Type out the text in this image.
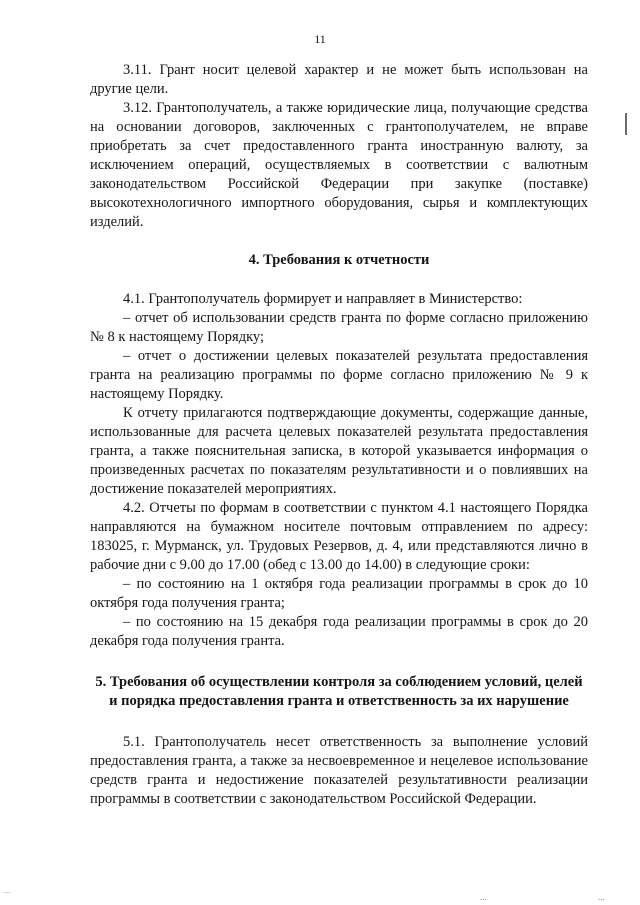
11

3.11. Грант носит целевой характер и не может быть использован на другие цели.

3.12. Грантополучатель, а также юридические лица, получающие средства на основании договоров, заключенных с грантополучателем, не вправе приобретать за счет предоставленного гранта иностранную валюту, за исключением операций, осуществляемых в соответствии с валютным законодательством Российской Федерации при закупке (поставке) высокотехнологичного импортного оборудования, сырья и комплектующих изделий.

4. Требования к отчетности

4.1. Грантополучатель формирует и направляет в Министерство:

– отчет об использовании средств гранта по форме согласно приложению № 8 к настоящему Порядку;

– отчет о достижении целевых показателей результата предоставления гранта на реализацию программы по форме согласно приложению № 9 к настоящему Порядку.

К отчету прилагаются подтверждающие документы, содержащие данные, использованные для расчета целевых показателей результата предоставления гранта, а также пояснительная записка, в которой указывается информация о произведенных расчетах по показателям результативности и о повлиявших на достижение показателей мероприятиях.

4.2. Отчеты по формам в соответствии с пунктом 4.1 настоящего Порядка направляются на бумажном носителе почтовым отправлением по адресу: 183025, г. Мурманск, ул. Трудовых Резервов, д. 4, или представляются лично в рабочие дни с 9.00 до 17.00 (обед с 13.00 до 14.00) в следующие сроки:

– по состоянию на 1 октября года реализации программы в срок до 10 октября года получения гранта;

– по состоянию на 15 декабря года реализации программы в срок до 20 декабря года получения гранта.

5. Требования об осуществлении контроля за соблюдением условий, целей и порядка предоставления гранта и ответственность за их нарушение

5.1. Грантополучатель несет ответственность за выполнение условий предоставления гранта, а также за несвоевременное и нецелевое использование средств гранта и недостижение показателей результативности реализации программы в соответствии с законодательством Российской Федерации.

‾‾	...	...
